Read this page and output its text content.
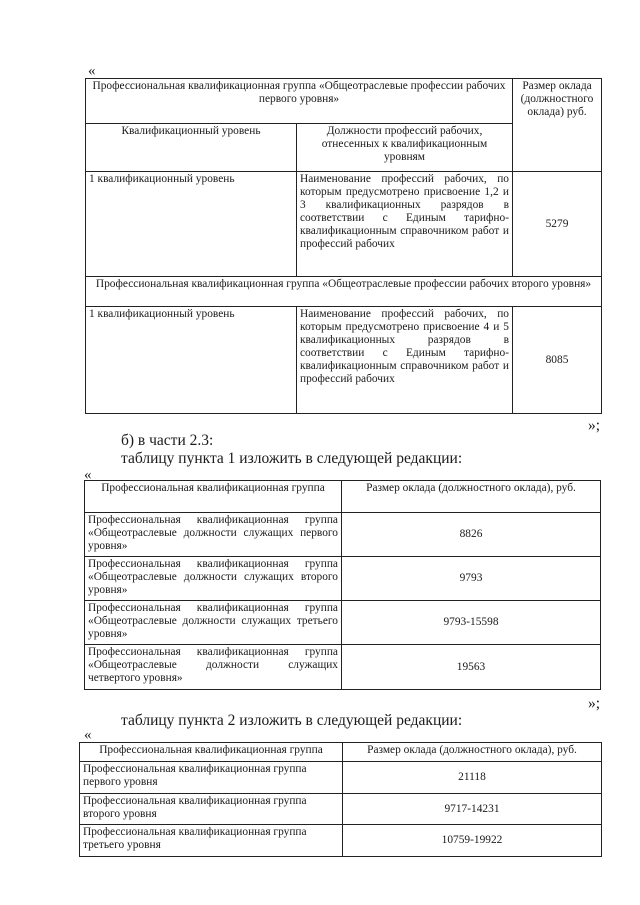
«
Профессиональная квалификационная группа «Общеотраслевые профессии рабочих первого уровня»		Размер оклада (должностного оклада) руб.
Квалификационный уровень	Должности профессий рабочих, отнесенных к квалификационным уровням	
1 квалификационный уровень	Наименование профессий рабочих, по которым предусмотрено присвоение 1,2 и 3 квалификационных разрядов в соответствии с Единым тарифно-квалификационным справочником работ и профессий рабочих	5279
Профессиональная квалификационная группа «Общеотраслевые профессии рабочих второго уровня»		
1 квалификационный уровень	Наименование профессий рабочих, по которым предусмотрено присвоение 4 и 5 квалификационных разрядов в соответствии с Единым тарифно-квалификационным справочником работ и профессий рабочих	8085
»;
б) в части 2.3:
таблицу пункта 1 изложить в следующей редакции:
«
Профессиональная квалификационная группа	Размер оклада (должностного оклада), руб.
Профессиональная квалификационная группа «Общеотраслевые должности служащих первого уровня»	8826
Профессиональная квалификационная группа «Общеотраслевые должности служащих второго уровня»	9793
Профессиональная квалификационная группа «Общеотраслевые должности служащих третьего уровня»	9793-15598
Профессиональная квалификационная группа «Общеотраслевые должности служащих четвертого уровня»	19563
»;
таблицу пункта 2 изложить в следующей редакции:
«
Профессиональная квалификационная группа	Размер оклада (должностного оклада), руб.
Профессиональная квалификационная группа первого уровня	21118
Профессиональная квалификационная группа второго уровня	9717-14231
Профессиональная квалификационная группа третьего уровня	10759-19922
